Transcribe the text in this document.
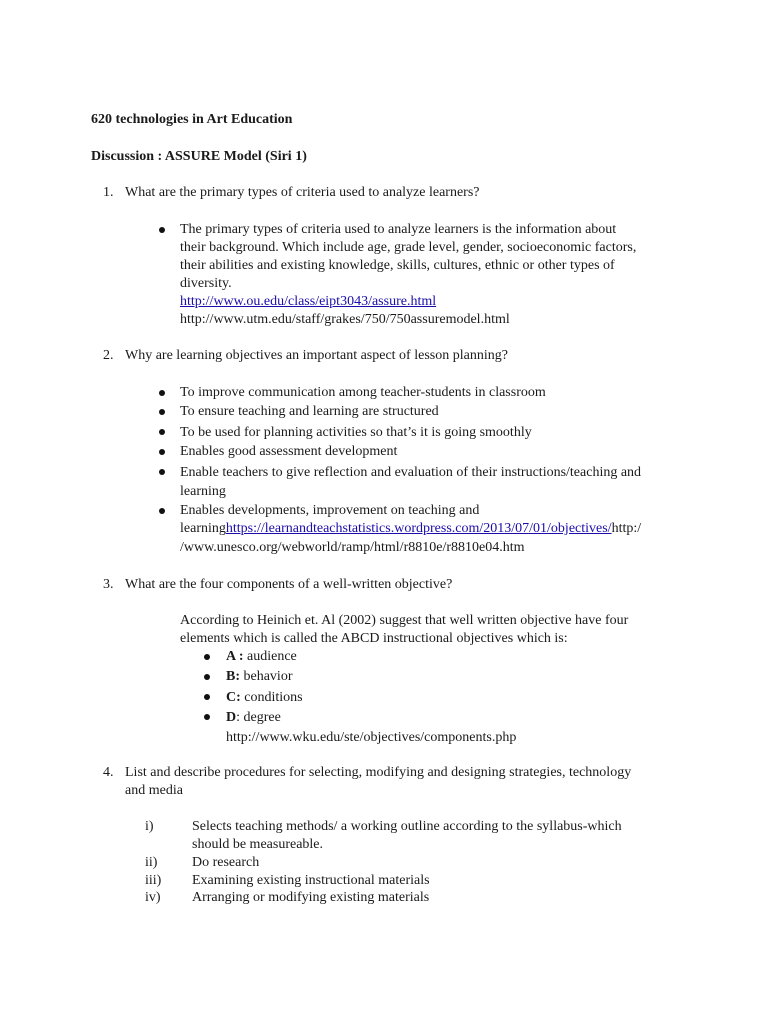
620 technologies in Art Education
Discussion : ASSURE Model (Siri 1)
1. What are the primary types of criteria used to analyze learners?
The primary types of criteria used to analyze learners is the information about
their background. Which include age, grade level, gender, socioeconomic factors,
their abilities and existing knowledge, skills, cultures, ethnic or other types of
diversity.
http://www.ou.edu/class/eipt3043/assure.html
http://www.utm.edu/staff/grakes/750/750assuremodel.html
2. Why are learning objectives an important aspect of lesson planning?
To improve communication among teacher-students in classroom
To ensure teaching and learning are structured
To be used for planning activities so that’s it is going smoothly
Enables good assessment development
Enable teachers to give reflection and evaluation of their instructions/teaching and
learning
Enables developments, improvement on teaching and
learninghttps://learnandteachstatistics.wordpress.com/2013/07/01/objectives/http:/
/www.unesco.org/webworld/ramp/html/r8810e/r8810e04.htm
3. What are the four components of a well-written objective?
According to Heinich et. Al (2002) suggest that well written objective have four
elements which is called the ABCD instructional objectives which is:
A : audience
B: behavior
C: conditions
D: degree
http://www.wku.edu/ste/objectives/components.php
4. List and describe procedures for selecting, modifying and designing strategies, technology
and media
i)	Selects teaching methods/ a working outline according to the syllabus-which
should be measureable.
ii) Do research
iii) Examining existing instructional materials
iv) Arranging or modifying existing materials
